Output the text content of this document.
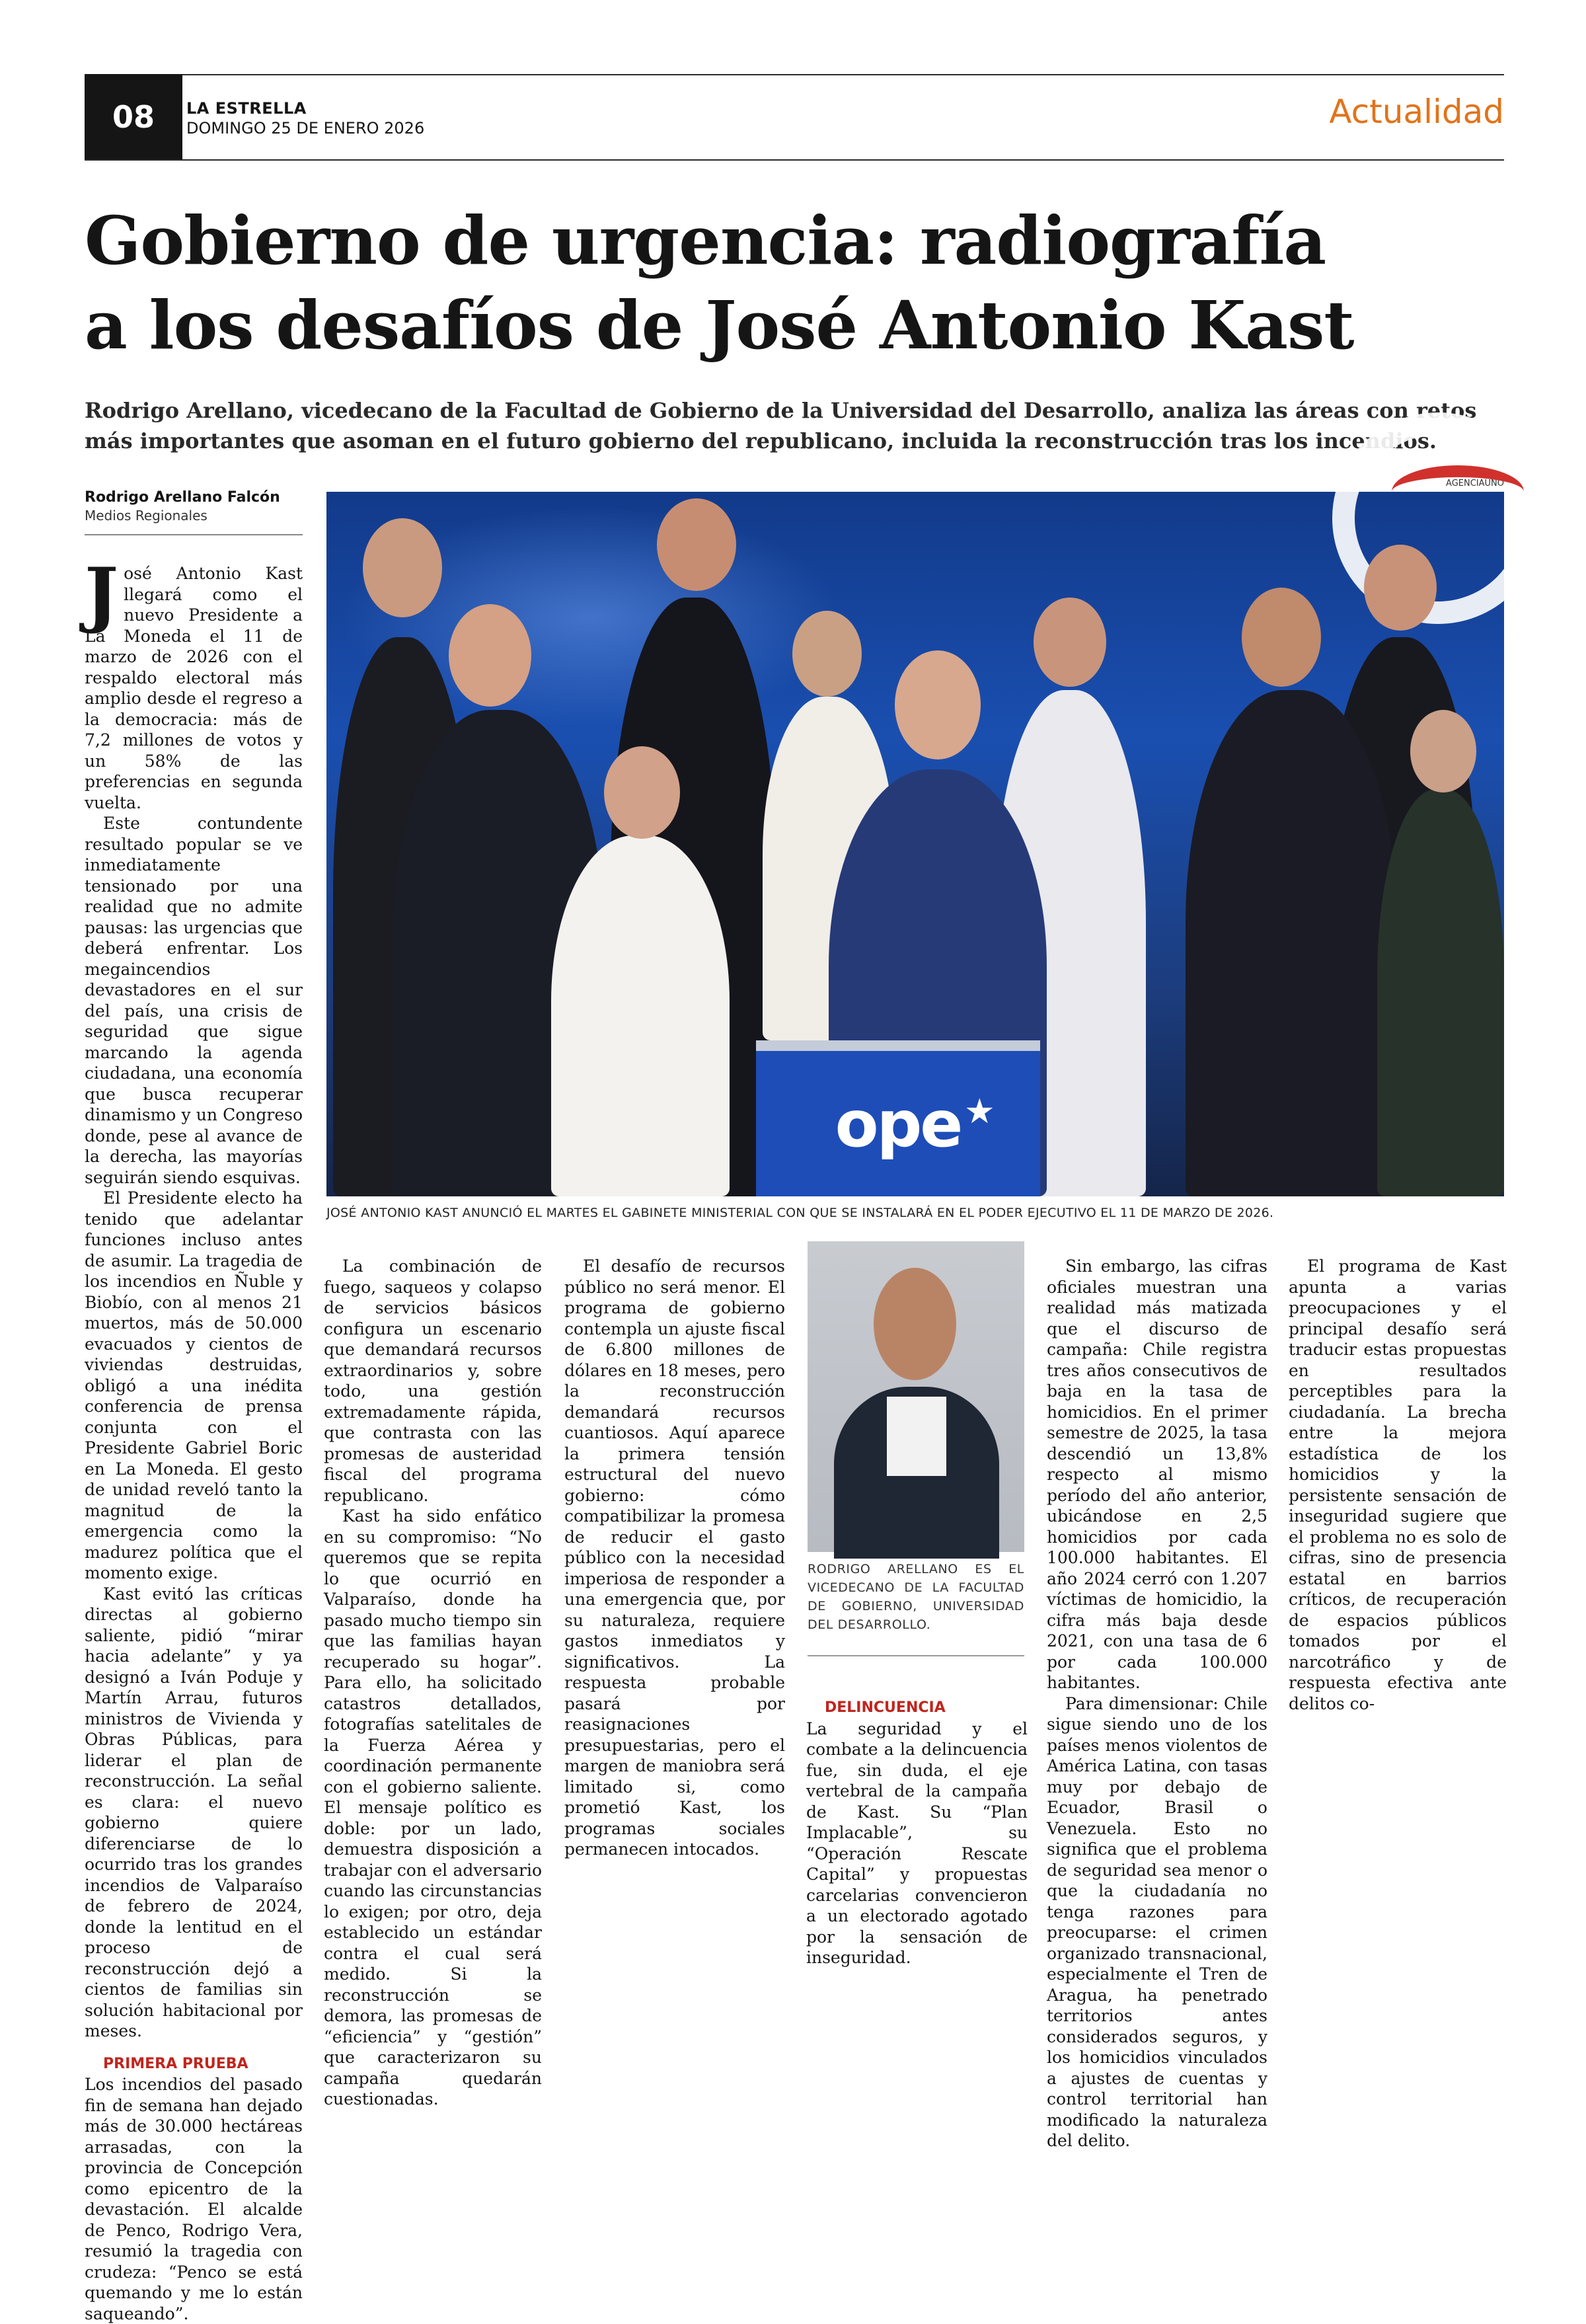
08	LA ESTRELLA
DOMINGO 25 DE ENERO 2026	Actualidad
Gobierno de urgencia: radiografía
a los desafíos de José Antonio Kast
Rodrigo Arellano, vicedecano de la Facultad de Gobierno de la Universidad del Desarrollo, analiza las áreas con retos más importantes que asoman en el futuro gobierno del republicano, incluida la reconstrucción tras los incendios.
Rodrigo Arellano Falcón
Medios Regionales
AGENCIAUNO
ope ★
JOSÉ ANTONIO KAST ANUNCIÓ EL MARTES EL GABINETE MINISTERIAL CON QUE SE INSTALARÁ EN EL PODER EJECUTIVO EL 11 DE MARZO DE 2026.

José Antonio Kast llegará como el nuevo Presidente a La Moneda el 11 de marzo de 2026 con el respaldo electoral más amplio desde el regreso a la democracia: más de 7,2 millones de votos y un 58% de las preferencias en segunda vuelta.

Este contundente resultado popular se ve inmediatamente tensionado por una realidad que no admite pausas: las urgencias que deberá enfrentar. Los megaincendios devastadores en el sur del país, una crisis de seguridad que sigue marcando la agenda ciudadana, una economía que busca recuperar dinamismo y un Congreso donde, pese al avance de la derecha, las mayorías seguirán siendo esquivas.

El Presidente electo ha tenido que adelantar funciones incluso antes de asumir. La tragedia de los incendios en Ñuble y Biobío, con al menos 21 muertos, más de 50.000 evacuados y cientos de viviendas destruidas, obligó a una inédita conferencia de prensa conjunta con el Presidente Gabriel Boric en La Moneda. El gesto de unidad reveló tanto la magnitud de la emergencia como la madurez política que el momento exige.

Kast evitó las críticas directas al gobierno saliente, pidió “mirar hacia adelante” y ya designó a Iván Poduje y Martín Arrau, futuros ministros de Vivienda y Obras Públicas, para liderar el plan de reconstrucción. La señal es clara: el nuevo gobierno quiere diferenciarse de lo ocurrido tras los grandes incendios de Valparaíso de febrero de 2024, donde la lentitud en el proceso de reconstrucción dejó a cientos de familias sin solución habitacional por meses.

PRIMERA PRUEBA

Los incendios del pasado fin de semana han dejado más de 30.000 hectáreas arrasadas, con la provincia de Concepción como epicentro de la devastación. El alcalde de Penco, Rodrigo Vera, resumió la tragedia con crudeza: “Penco se está quemando y me lo están saqueando”.

La combinación de fuego, saqueos y colapso de servicios básicos configura un escenario que demandará recursos extraordinarios y, sobre todo, una gestión extremadamente rápida, que contrasta con las promesas de austeridad fiscal del programa republicano.

Kast ha sido enfático en su compromiso: “No queremos que se repita lo que ocurrió en Valparaíso, donde ha pasado mucho tiempo sin que las familias hayan recuperado su hogar”. Para ello, ha solicitado catastros detallados, fotografías satelitales de la Fuerza Aérea y coordinación permanente con el gobierno saliente. El mensaje político es doble: por un lado, demuestra disposición a trabajar con el adversario cuando las circunstancias lo exigen; por otro, deja establecido un estándar contra el cual será medido. Si la reconstrucción se demora, las promesas de “eficiencia” y “gestión” que caracterizaron su campaña quedarán cuestionadas.

El desafío de recursos público no será menor. El programa de gobierno contempla un ajuste fiscal de 6.800 millones de dólares en 18 meses, pero la reconstrucción demandará recursos cuantiosos. Aquí aparece la primera tensión estructural del nuevo gobierno: cómo compatibilizar la promesa de reducir el gasto público con la necesidad imperiosa de responder a una emergencia que, por su naturaleza, requiere gastos inmediatos y significativos. La respuesta probable pasará por reasignaciones presupuestarias, pero el margen de maniobra será limitado si, como prometió Kast, los programas sociales permanecen intocados.

RODRIGO ARELLANO ES EL VICEDECANO DE LA FACULTAD DE GOBIERNO, UNIVERSIDAD DEL DESARROLLO.

DELINCUENCIA

La seguridad y el combate a la delincuencia fue, sin duda, el eje vertebral de la campaña de Kast. Su “Plan Implacable”, su “Operación Rescate Capital” y propuestas carcelarias convencieron a un electorado agotado por la sensación de inseguridad.

Sin embargo, las cifras oficiales muestran una realidad más matizada que el discurso de campaña: Chile registra tres años consecutivos de baja en la tasa de homicidios. En el primer semestre de 2025, la tasa descendió un 13,8% respecto al mismo período del año anterior, ubicándose en 2,5 homicidios por cada 100.000 habitantes. El año 2024 cerró con 1.207 víctimas de homicidio, la cifra más baja desde 2021, con una tasa de 6 por cada 100.000 habitantes.

Para dimensionar: Chile sigue siendo uno de los países menos violentos de América Latina, con tasas muy por debajo de Ecuador, Brasil o Venezuela. Esto no significa que el problema de seguridad sea menor o que la ciudadanía no tenga razones para preocuparse: el crimen organizado transnacional, especialmente el Tren de Aragua, ha penetrado territorios antes considerados seguros, y los homicidios vinculados a ajustes de cuentas y control territorial han modificado la naturaleza del delito.

El programa de Kast apunta a varias preocupaciones y el principal desafío será traducir estas propuestas en resultados perceptibles para la ciudadanía. La brecha entre la mejora estadística de los homicidios y la persistente sensación de inseguridad sugiere que el problema no es solo de cifras, sino de presencia estatal en barrios críticos, de recuperación de espacios públicos tomados por el narcotráfico y de respuesta efectiva ante delitos co-
